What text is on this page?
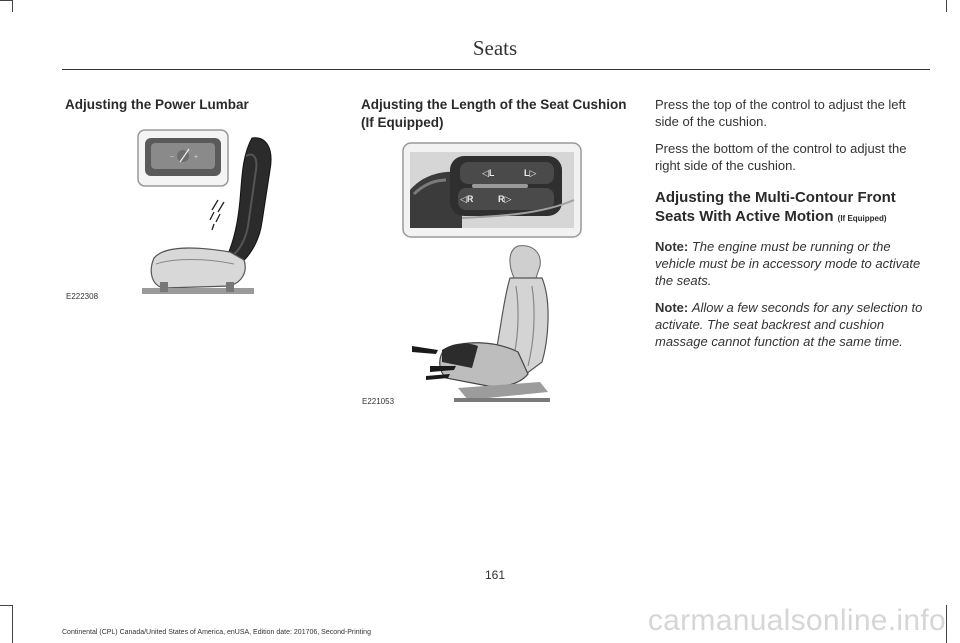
Seats
Adjusting the Power Lumbar
−	+
E222308
Adjusting the Length of the Seat Cushion (If Equipped)
◁L	L▷
◁R	R▷
E221053

Press the top of the control to adjust the left side of the cushion.

Press the bottom of the control to adjust the right side of the cushion.

Adjusting the Multi-Contour Front Seats With Active Motion (If Equipped)

Note: The engine must be running or the vehicle must be in accessory mode to activate the seats.

Note: Allow a few seconds for any selection to activate. The seat backrest and cushion massage cannot function at the same time.

161
Continental (CPL) Canada/United States of America, enUSA, Edition date: 201706, Second-Printing	carmanualsonline.info
